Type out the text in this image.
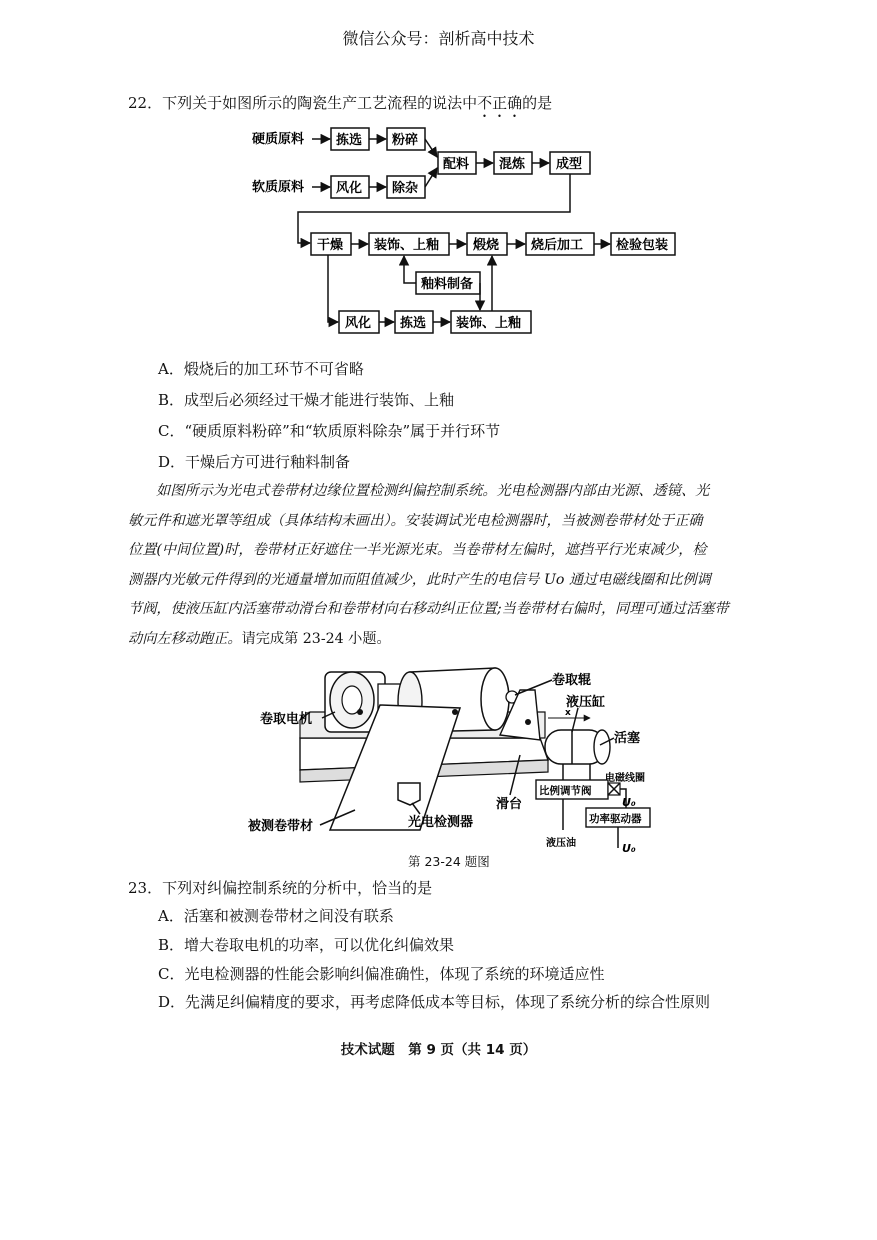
微信公众号：剖析高中技术
22．下列关于如图所示的陶瓷生产工艺流程的说法中不正确的是
硬质原料 拣选 粉碎
软质原料 风化 除杂
配料 混炼 成型
干燥 装饰、上釉	煅烧 烧后加工	检验包装
釉料制备
风化 拣选 装饰、上釉
A．煅烧后的加工环节不可省略
B．成型后必须经过干燥才能进行装饰、上釉
C．“硬质原料粉碎”和“软质原料除杂”属于并行环节
D．干燥后方可进行釉料制备
如图所示为光电式卷带材边缘位置检测纠偏控制系统。光电检测器内部由光源、透镜、光
敏元件和遮光罩等组成（具体结构未画出）。安装调试光电检测器时，当被测卷带材处于正确
位置(中间位置)时，卷带材正好遮住一半光源光束。当卷带材左偏时，遮挡平行光束减少，检
测器内光敏元件得到的光通量增加而阻值减少，此时产生的电信号 Uo 通过电磁线圈和比例调
节阀，使液压缸内活塞带动滑台和卷带材向右移动纠正位置;当卷带材右偏时，同理可通过活塞带
动向左移动跑正。请完成第 23-24 小题。
x
比例调节阀
功率驱动器
卷取辊
液压缸
卷取电机
活塞
电磁线圈
U₀
滑台
被测卷带材	光电检测器
液压油	U₀
第 23-24 题图
23．下列对纠偏控制系统的分析中，恰当的是
A．活塞和被测卷带材之间没有联系
B．增大卷取电机的功率，可以优化纠偏效果
C．光电检测器的性能会影响纠偏准确性，体现了系统的环境适应性
D．先满足纠偏精度的要求，再考虑降低成本等目标，体现了系统分析的综合性原则
技术试题　第 9 页（共 14 页）
